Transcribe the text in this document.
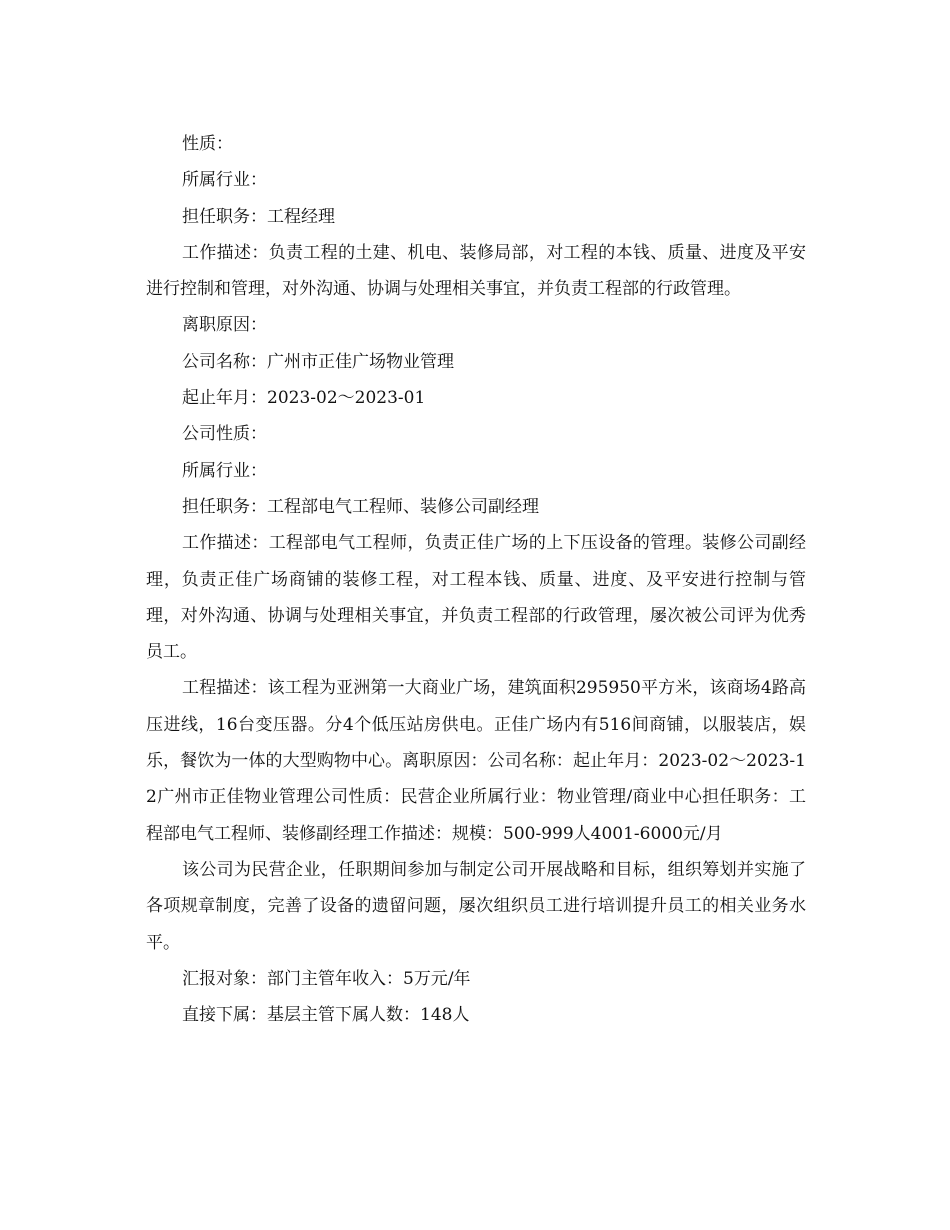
性质：

所属行业：

担任职务：工程经理

工作描述：负责工程的土建、机电、装修局部，对工程的本钱、质量、进度及平安进行控制和管理，对外沟通、协调与处理相关事宜，并负责工程部的行政管理。

离职原因：

公司名称：广州市正佳广场物业管理

起止年月：2023-02～2023-01

公司性质：

所属行业：

担任职务：工程部电气工程师、装修公司副经理

工作描述：工程部电气工程师，负责正佳广场的上下压设备的管理。装修公司副经理，负责正佳广场商铺的装修工程，对工程本钱、质量、进度、及平安进行控制与管理，对外沟通、协调与处理相关事宜，并负责工程部的行政管理，屡次被公司评为优秀员工。

工程描述：该工程为亚洲第一大商业广场，建筑面积295950平方米，该商场4路高压进线，16台变压器。分4个低压站房供电。正佳广场内有516间商铺，以服装店，娱乐，餐饮为一体的大型购物中心。离职原因：公司名称：起止年月：2023-02～2023-12广州市正佳物业管理公司性质：民营企业所属行业：物业管理/商业中心担任职务：工程部电气工程师、装修副经理工作描述：规模：500-999人4001-6000元/月

该公司为民营企业，任职期间参加与制定公司开展战略和目标，组织筹划并实施了各项规章制度，完善了设备的遗留问题，屡次组织员工进行培训提升员工的相关业务水平。

汇报对象：部门主管年收入：5万元/年

直接下属：基层主管下属人数：148人
